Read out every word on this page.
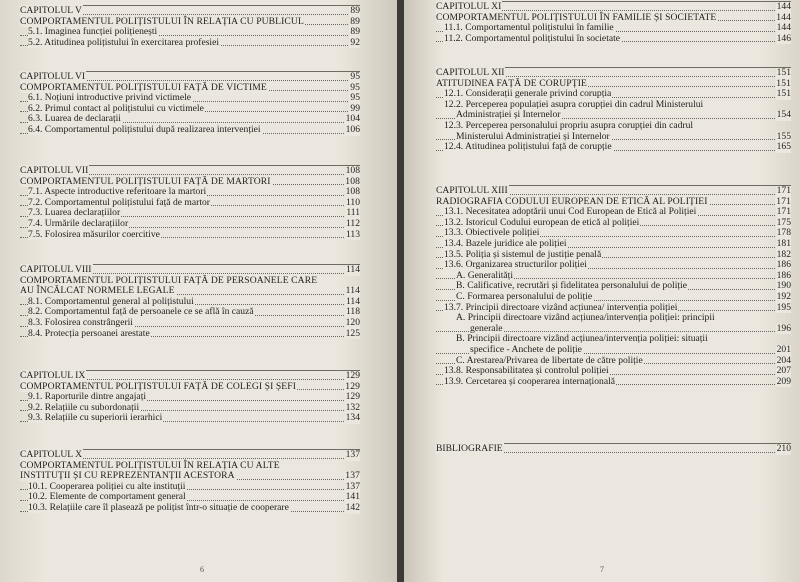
CAPITOLUL V	89
COMPORTAMENTUL POLIȚISTULUI ÎN RELAȚIA CU PUBLICUL	89
5.1. Imaginea funcției polițienești	89
5.2. Atitudinea polițistului în exercitarea profesiei	92
CAPITOLUL VI	95
COMPORTAMENTUL POLIȚISTULUI FAȚĂ DE VICTIME	95
6.1. Noțiuni introductive privind victimele	95
6.2. Primul contact al polițistului cu victimele	99
6.3. Luarea de declarații	104
6.4. Comportamentul polițistului după realizarea intervenției	106
CAPITOLUL VII	108
COMPORTAMENTUL POLIȚISTULUI FAȚĂ DE MARTORI	108
7.1. Aspecte introductive referitoare la martori	108
7.2. Comportamentul polițistului față de martor	110
7.3. Luarea declarațiilor	111
7.4. Urmările declarațiilor	112
7.5. Folosirea măsurilor coercitive	113
CAPITOLUL VIII	114
COMPORTAMENTUL POLIȚISTULUI FAȚĂ DE PERSOANELE CARE
AU ÎNCĂLCAT NORMELE LEGALE	114
8.1. Comportamentul general al polițistului	114
8.2. Comportamentul față de persoanele ce se află în cauză	118
8.3. Folosirea constrângerii	120
8.4. Protecția persoanei arestate	125
CAPITOLUL IX	129
COMPORTAMENTUL POLIȚISTULUI FAȚĂ DE COLEGI ȘI ȘEFI	129
9.1. Raporturile dintre angajați	129
9.2. Relațiile cu subordonații	132
9.3. Relațiile cu superiorii ierarhici	134
CAPITOLUL X	137
COMPORTAMENTUL POLIȚISTULUI ÎN RELAȚIA CU ALTE
INSTITUȚII ȘI CU REPREZENTANȚII ACESTORA	137
10.1. Cooperarea poliției cu alte instituții	137
10.2. Elemente de comportament general	141
10.3. Relațiile care îl plasează pe polițist într-o situație de cooperare	142
6
CAPITOLUL XI	144
COMPORTAMENTUL POLIȚISTULUI ÎN FAMILIE ȘI SOCIETATE	144
11.1. Comportamentul polițistului în familie	144
11.2. Comportamentul polițistului în societate	146
CAPITOLUL XII	151
ATITUDINEA FAȚĂ DE CORUPȚIE	151
12.1. Considerații generale privind corupția	151
12.2. Perceperea populației asupra corupției din cadrul Ministerului
Administrației și Internelor	154
12.3. Perceperea personalului propriu asupra corupției din cadrul
Ministerului Administrației și Internelor	155
12.4. Atitudinea polițistului față de corupție	165
CAPITOLUL XIII	171
RADIOGRAFIA CODULUI EUROPEAN DE ETICĂ AL POLIȚIEI	171
13.1. Necesitatea adoptării unui Cod European de Etică al Poliției	171
13.2. Istoricul Codului european de etică al poliției	175
13.3. Obiectivele poliției	178
13.4. Bazele juridice ale poliției	181
13.5. Poliția și sistemul de justiție penală	182
13.6. Organizarea structurilor poliției	186
A. Generalități	186
B. Calificative, recrutări și fidelitatea personalului de poliție	190
C. Formarea personalului de poliție	192
13.7. Principii directoare vizând acțiunea/ intervenția poliției	195
A. Principii directoare vizând acțiunea/intervenția poliției: principii
generale	196
B. Principii directoare vizând acțiunea/intervenția poliției: situații
specifice - Anchete de poliție	201
C. Arestarea/Privarea de libertate de către poliție	204
13.8. Responsabilitatea și controlul poliției	207
13.9. Cercetarea și cooperarea internațională	209
BIBLIOGRAFIE	210
7
